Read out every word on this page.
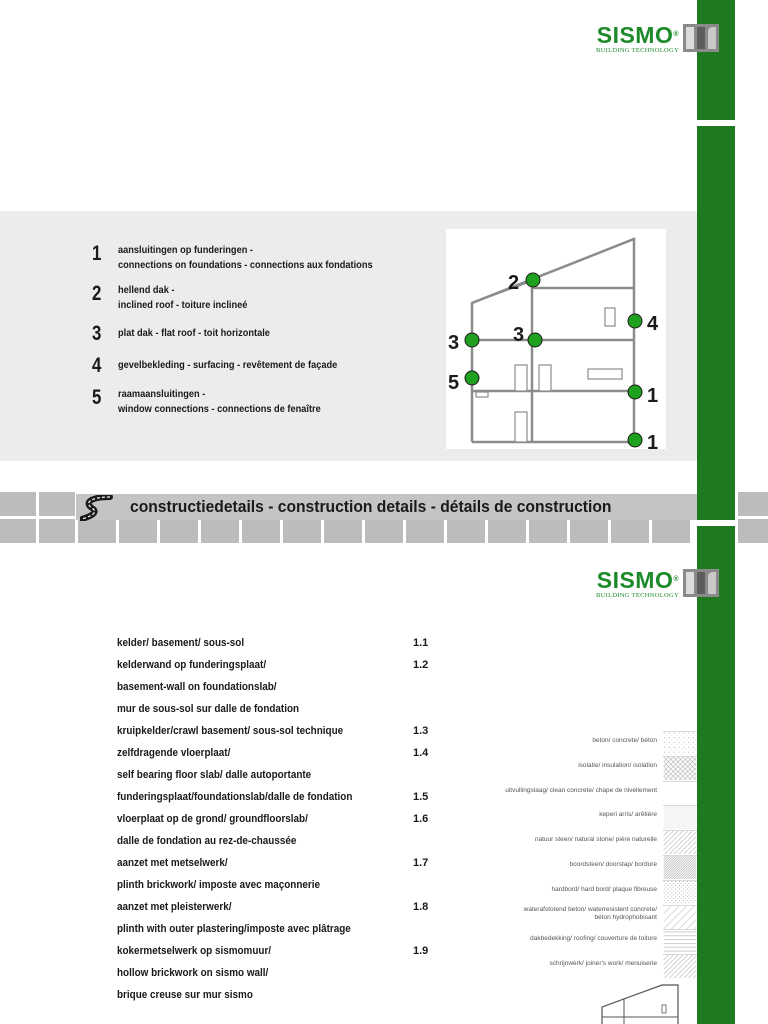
SISMO®
BUILDING TECHNOLOGY
1	aansluitingen op funderingen -
connections on foundations - connections aux fondations
2	hellend dak -
inclined roof - toiture inclineé
3	plat dak - flat roof - toit horizontale
4	gevelbekleding - surfacing - revêtement de façade
5	raamaansluitingen -
window connections - connections de fenaître
2
3	3	4
5
1
1
constructiedetails - construction details - détails de construction
SISMO®
BUILDING TECHNOLOGY
kelder/ basement/ sous-sol	1.1
kelderwand op funderingsplaat/	1.2
basement-wall on foundationslab/
mur de sous-sol sur dalle de fondation
kruipkelder/crawl basement/ sous-sol technique	1.3
zelfdragende vloerplaat/	1.4
self bearing floor slab/ dalle autoportante
funderingsplaat/foundationslab/dalle de fondation	1.5
vloerplaat op de grond/ groundfloorslab/	1.6
dalle de fondation au rez-de-chaussée
aanzet met metselwerk/	1.7
plinth brickwork/ imposte avec maçonnerie
aanzet met pleisterwerk/	1.8
plinth with outer plastering/imposte avec plâtrage
kokermetselwerk op sismomuur/	1.9
hollow brickwork on sismo wall/
brique creuse sur mur sismo
beton/ concrete/ béton
isolatie/ insulation/ isolation
uitvullingslaag/ clean concrete/ chape de nivellement
keperi arris/ arêtière
natuur steen/ natural stone/ pière naturelle
boordsteen/ doorstap/ bordure
hardbord/ hard bord/ plaque fibreuse
waterafstotend beton/ waterresistent concrete/
béton hydrophobisant
dakbedekking/ roofing/ couverture de toiture
schrijnwerk/ joiner's work/ menuiserie
